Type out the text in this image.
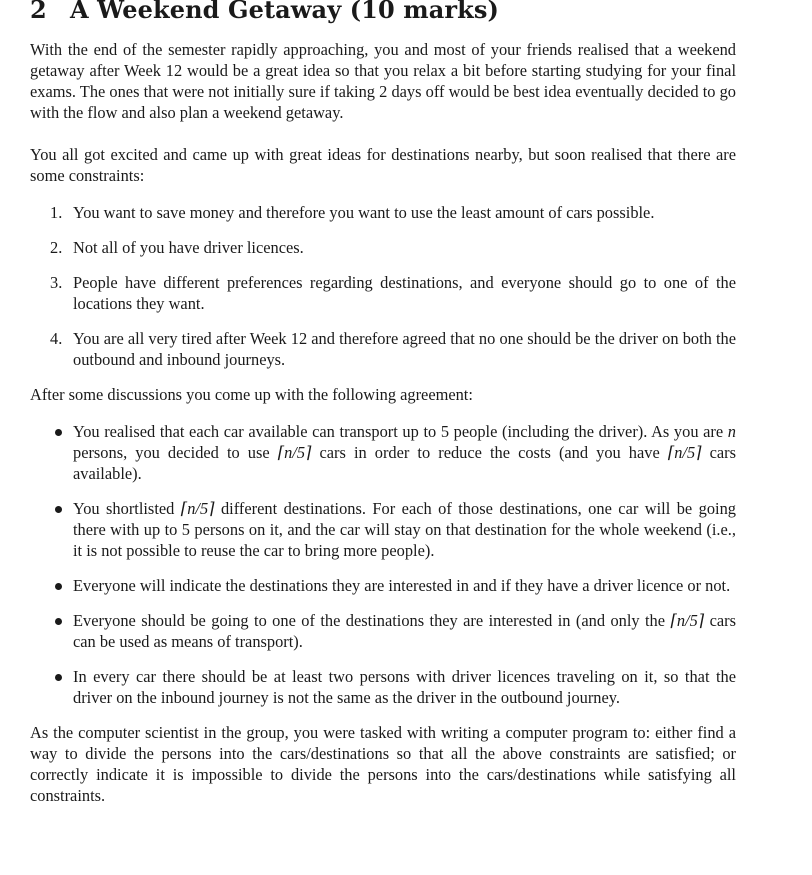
2 A Weekend Getaway (10 marks)

With the end of the semester rapidly approaching, you and most of your friends realised that a weekend getaway after Week 12 would be a great idea so that you relax a bit before starting studying for your final exams. The ones that were not initially sure if taking 2 days off would be best idea eventually decided to go with the flow and also plan a weekend getaway.

You all got excited and came up with great ideas for destinations nearby, but soon realised that there are some constraints:

1. You want to save money and therefore you want to use the least amount of cars possible.
2. Not all of you have driver licences.
3. People have different preferences regarding destinations, and everyone should go to one of the locations they want.
4. You are all very tired after Week 12 and therefore agreed that no one should be the driver on both the outbound and inbound journeys.

After some discussions you come up with the following agreement:

You realised that each car available can transport up to 5 people (including the driver). As you are n persons, you decided to use ⌈n/5⌉ cars in order to reduce the costs (and you have ⌈n/5⌉ cars available).
You shortlisted ⌈n/5⌉ different destinations. For each of those destinations, one car will be going there with up to 5 persons on it, and the car will stay on that destination for the whole weekend (i.e., it is not possible to reuse the car to bring more people).
Everyone will indicate the destinations they are interested in and if they have a driver licence or not.
Everyone should be going to one of the destinations they are interested in (and only the ⌈n/5⌉ cars can be used as means of transport).
In every car there should be at least two persons with driver licences traveling on it, so that the driver on the inbound journey is not the same as the driver in the outbound journey.

As the computer scientist in the group, you were tasked with writing a computer program to: either find a way to divide the persons into the cars/destinations so that all the above constraints are satisfied; or correctly indicate it is impossible to divide the persons into the cars/destinations while satisfying all constraints.
